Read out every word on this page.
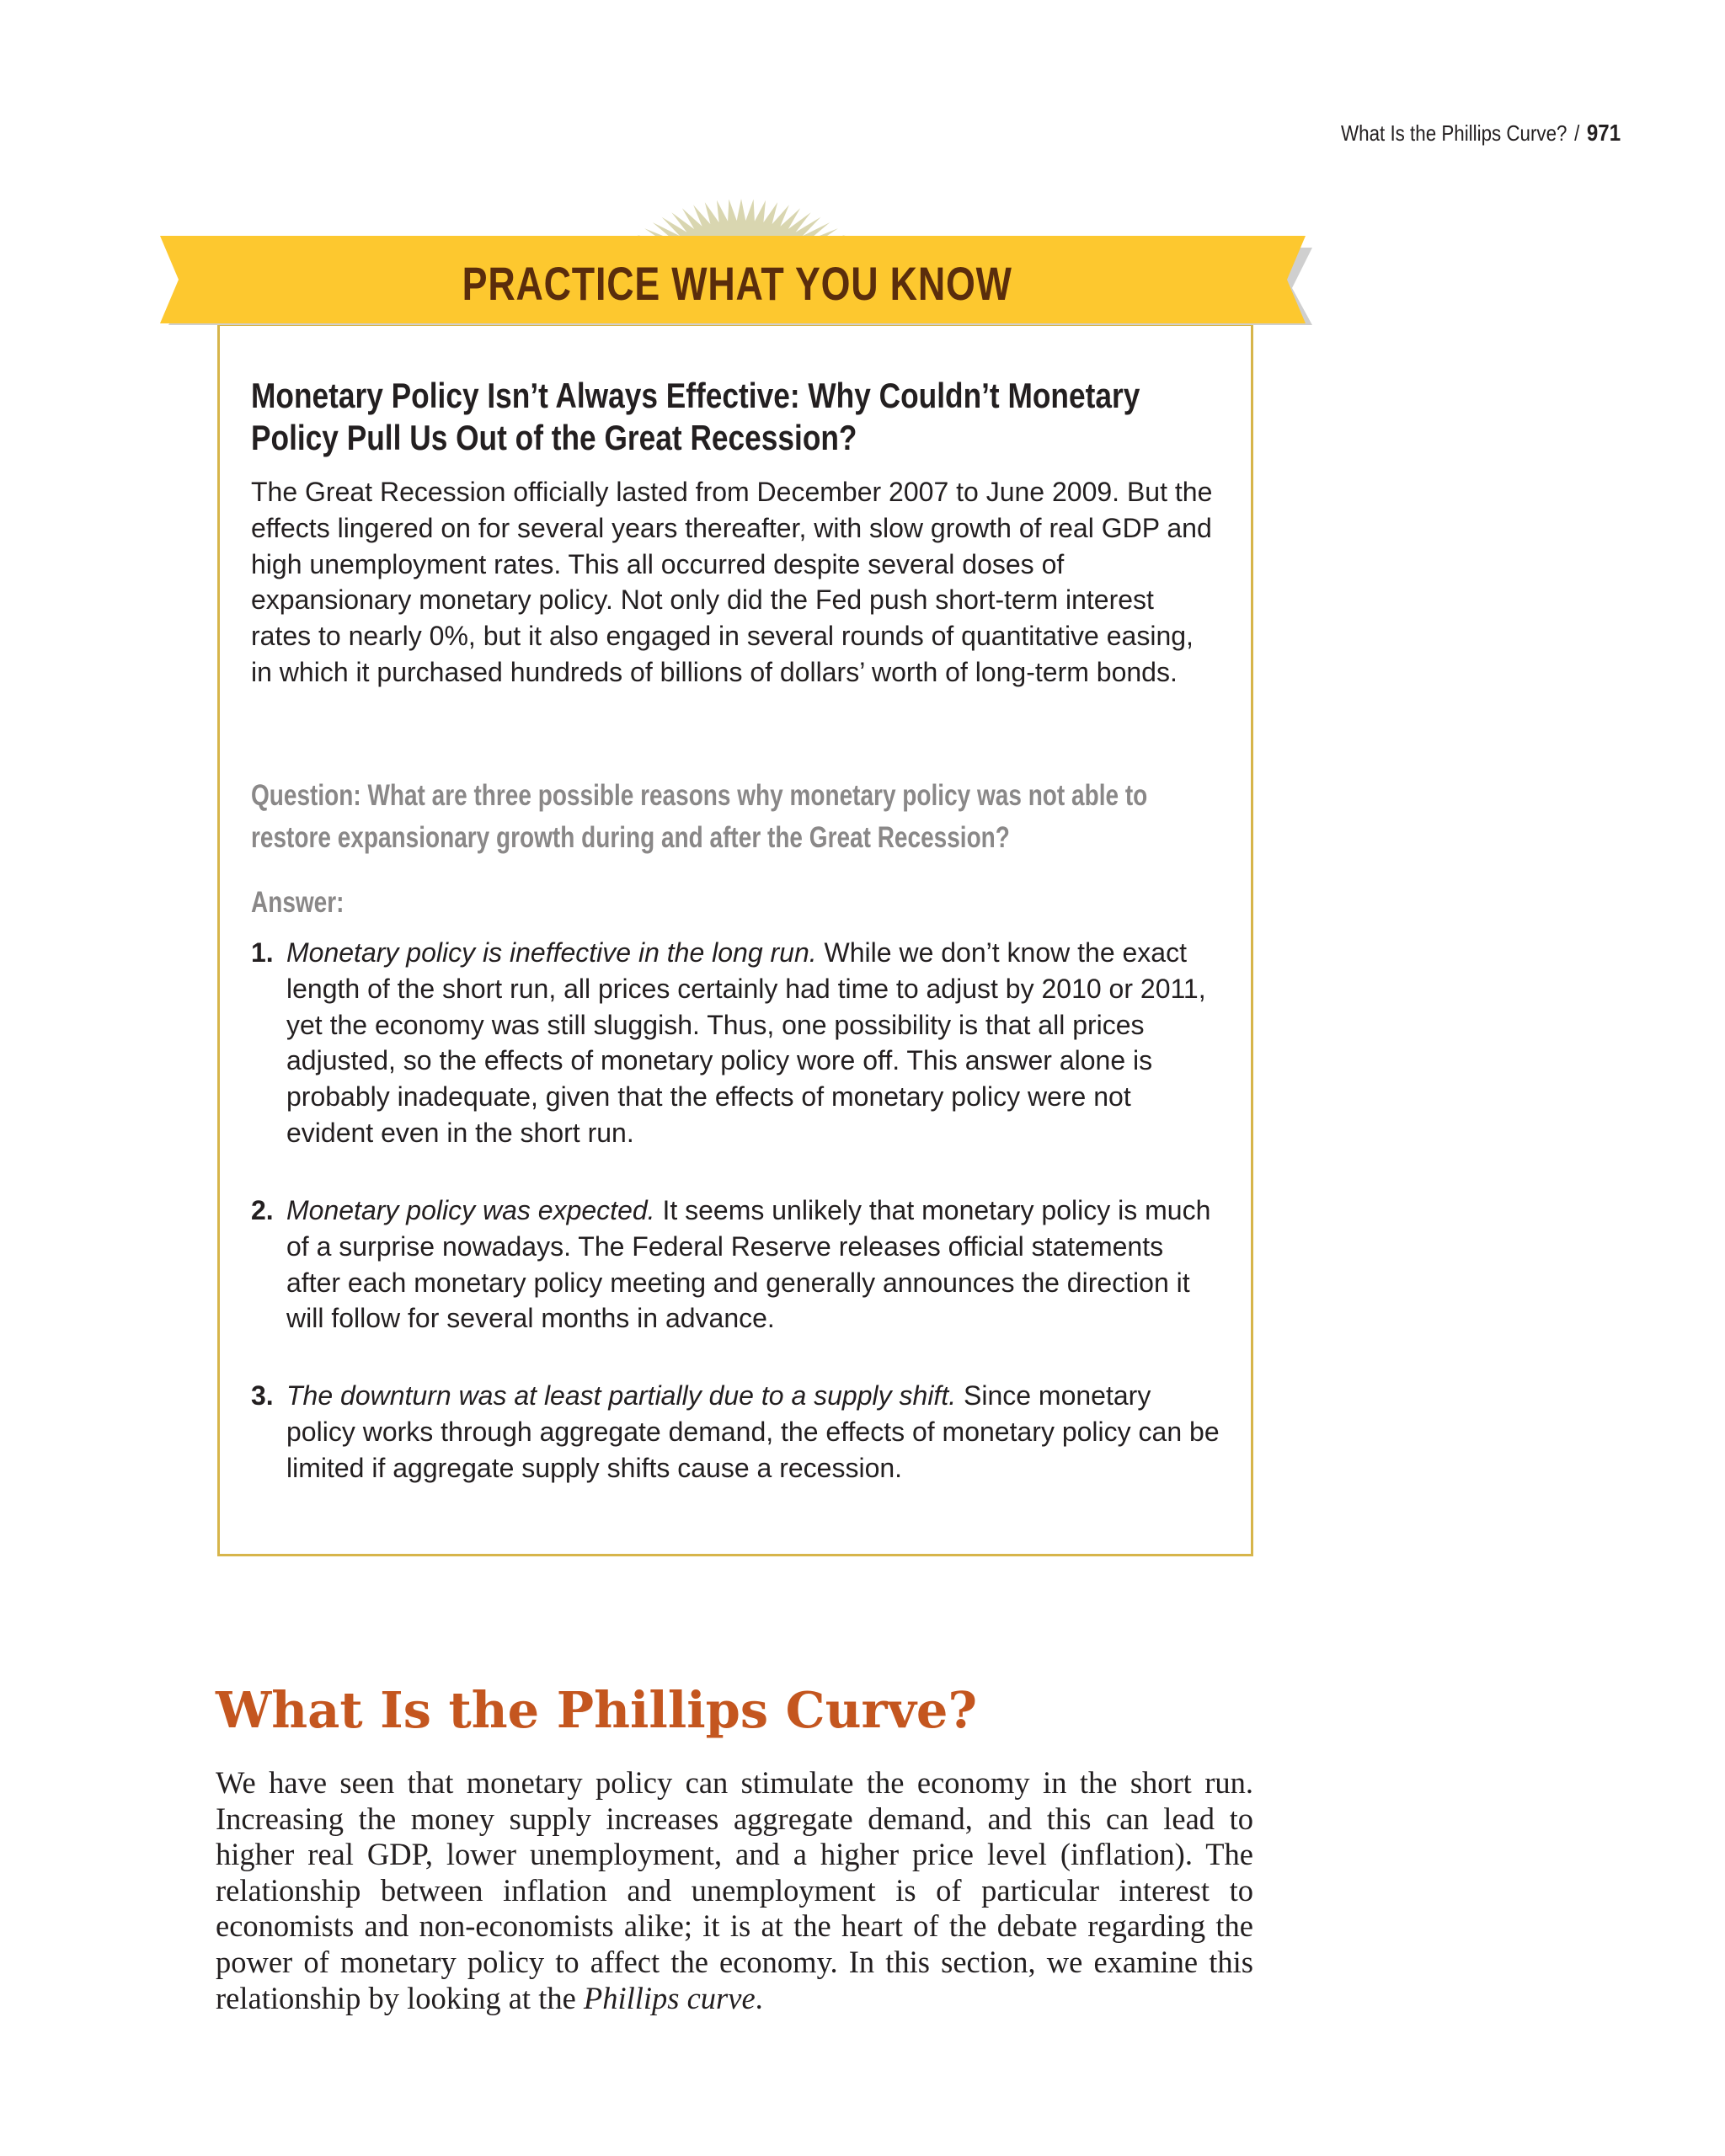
What Is the Phillips Curve? / 971
PRACTICE WHAT YOU KNOW
Monetary Policy Isn’t Always Effective: Why Couldn’t Monetary Policy Pull Us Out of the Great Recession?
The Great Recession officially lasted from December 2007 to June 2009. But the effects lingered on for several years thereafter, with slow growth of real GDP and high unemployment rates. This all occurred despite several doses of expansionary monetary policy. Not only did the Fed push short-term interest rates to nearly 0%, but it also engaged in several rounds of quantitative easing, in which it purchased hundreds of billions of dollars’ worth of long-term bonds.
Question: What are three possible reasons why monetary policy was not able to restore expansionary growth during and after the Great Recession?
Answer:
1. Monetary policy is ineffective in the long run. While we don’t know the exact length of the short run, all prices certainly had time to adjust by 2010 or 2011, yet the economy was still sluggish. Thus, one possibility is that all prices adjusted, so the effects of monetary policy wore off. This answer alone is probably inadequate, given that the effects of monetary policy were not evident even in the short run.
2. Monetary policy was expected. It seems unlikely that monetary policy is much of a surprise nowadays. The Federal Reserve releases official statements after each monetary policy meeting and generally announces the direction it will follow for several months in advance.
3. The downturn was at least partially due to a supply shift. Since monetary policy works through aggregate demand, the effects of monetary policy can be limited if aggregate supply shifts cause a recession.
What Is the Phillips Curve?
We have seen that monetary policy can stimulate the economy in the short run. Increasing the money supply increases aggregate demand, and this can lead to higher real GDP, lower unemployment, and a higher price level (inflation). The relationship between inflation and unemployment is of particular interest to economists and non-economists alike; it is at the heart of the debate regarding the power of monetary policy to affect the economy. In this section, we examine this relationship by looking at the Phillips curve.
